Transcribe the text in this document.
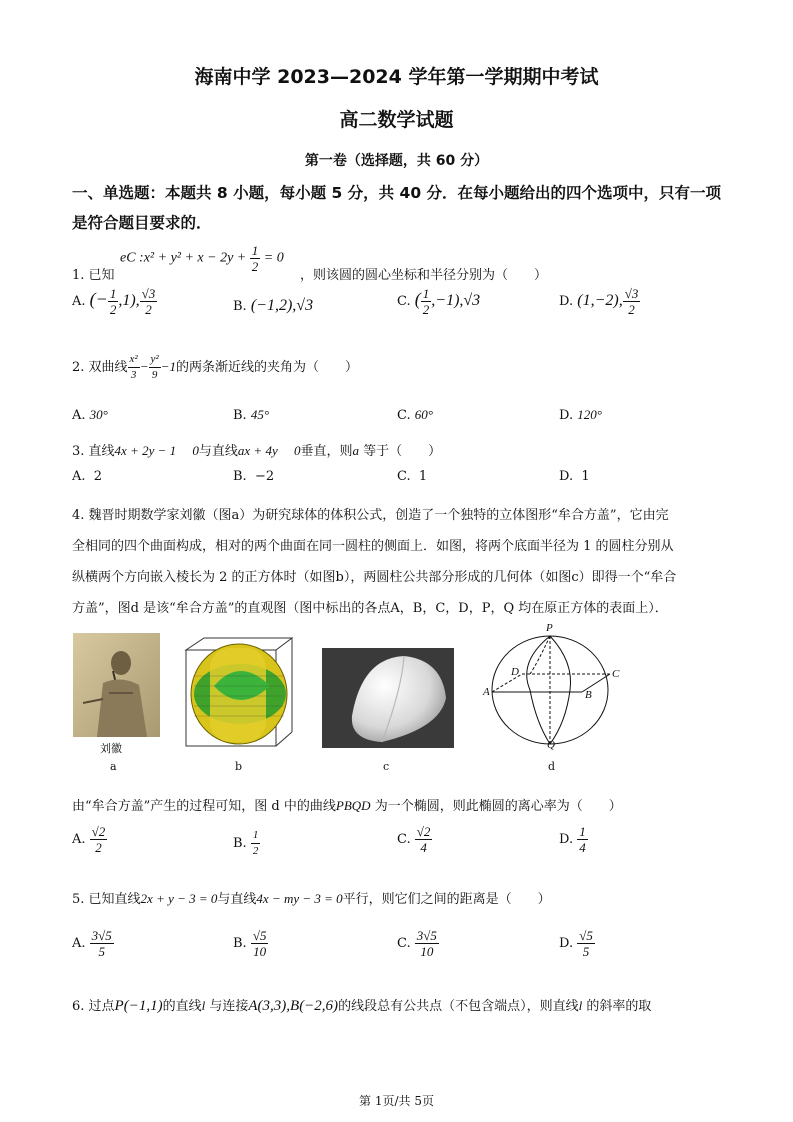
海南中学 2023—2024 学年第一学期期中考试
高二数学试题
第一卷（选择题，共 60 分）
一、单选题：本题共 8 小题，每小题 5 分，共 40 分．在每小题给出的四个选项中，只有一项
是符合题目要求的．
eC :x² + $y^2 + x - 2y + \frac{1}{2} = 0$
1. 已知	，则该圆的圆心坐标和半径分别为（　　）
A. (− $\frac{1}{2} ,1$), $\frac{√3}{2}$	B. (−1,2),√3	C. ( $\frac{1}{2} ,-1),√3$	D. (1,−2), $\frac{√3}{2}$
2. 双曲线 $\frac{\text{x²}}{3} - \frac{\text{y²}}{9} -1$的两条渐近线的夹角为（　　）
A. 30°	B. 45°	C. 60°	D. 120°
3. 直线4x + 2y − 1 　0与直线ax + 4y 　0垂直，则a 等于（　　）
A. 2	B. −2	C. 1	D. 1
4. 魏晋时期数学家刘徽（图a）为研究球体的体积公式，创造了一个独特的立体图形“牟合方盖”，它由完
全相同的四个曲面构成，相对的两个曲面在同一圆柱的侧面上．如图，将两个底面半径为 1 的圆柱分别从
纵横两个方向嵌入棱长为 2 的正方体时（如图b），两圆柱公共部分形成的几何体（如图c）即得一个“牟合
方盖”，图d 是该“牟合方盖”的直观图（图中标出的各点A，B，C，D，P，Q 均在原正方体的表面上）．
刘徽
a	b	c
P
D	C
A	B
Q
d
由“牟合方盖”产生的过程可知，图 d 中的曲线PBQD 为一个椭圆，则此椭圆的离心率为（　　）
A. $\frac{√2}{2}$	B. $\frac{1}{2}$	C. $\frac{√2}{4}$	D. $\frac{1}{4}$
5. 已知直线2x + y − 3 = 0与直线4x − my − 3 = 0平行，则它们之间的距离是（　　）
A. $\frac{3√5}{5}$	B. $\frac{√5}{10}$	C. $\frac{3√5}{10}$	D. $\frac{√5}{5}$
6. 过点P(−1,1)的直线l 与连接A(3,3),B(−2,6)的线段总有公共点（不包含端点），则直线l 的斜率的取
第 1页/共 5页
